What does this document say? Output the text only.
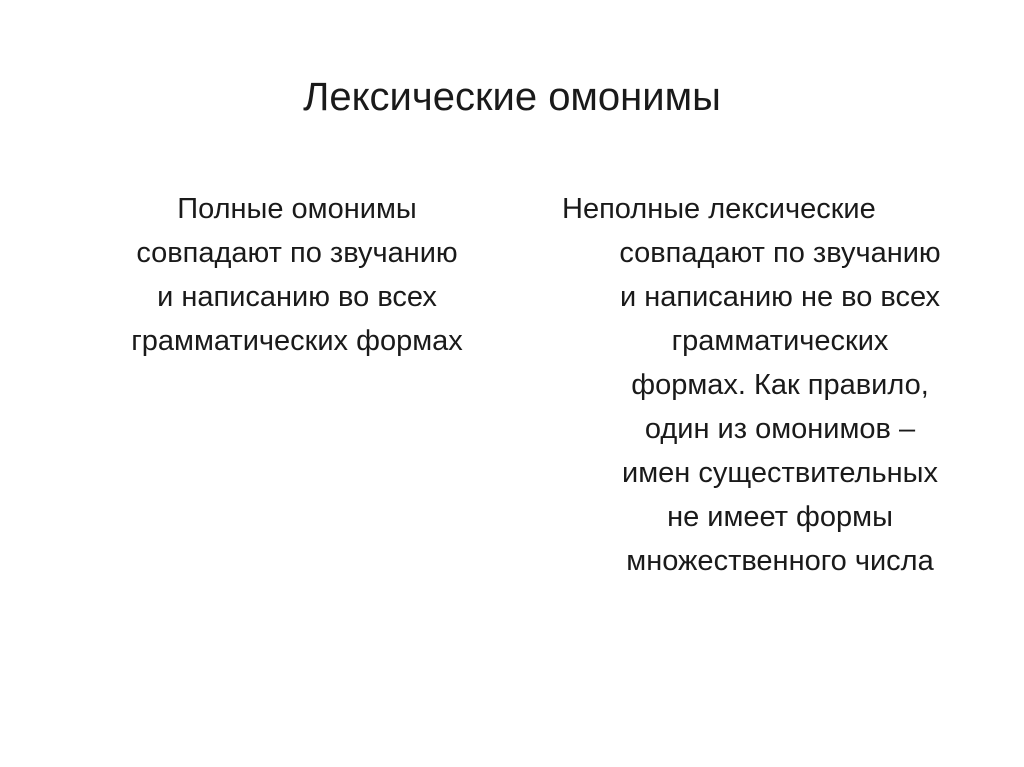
Лексические омонимы
Полные омонимы
совпадают по звучанию
и написанию во всех
грамматических формах
Неполные лексические
совпадают по звучанию
и написанию не во всех
грамматических
формах. Как правило,
один из омонимов –
имен существительных
не имеет формы
множественного числа
